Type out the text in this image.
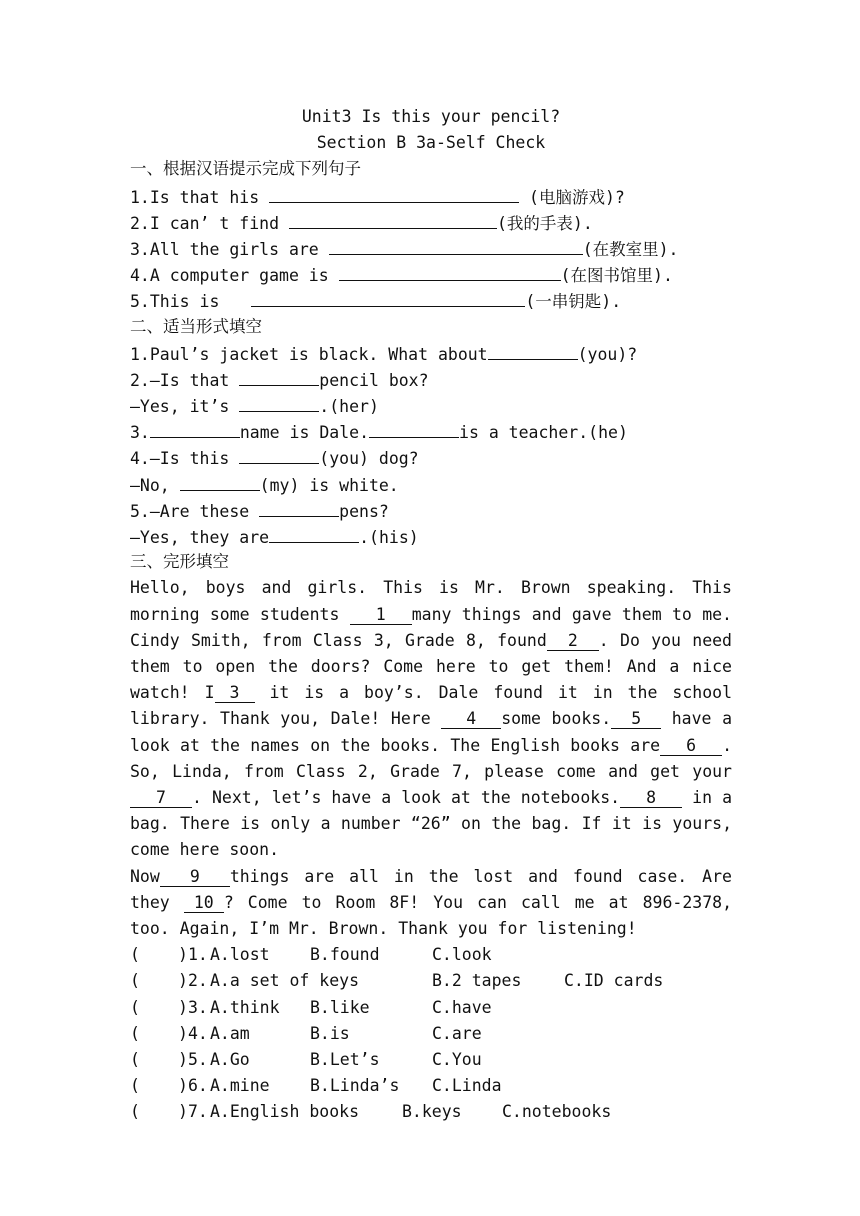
Unit3 Is this your pencil?
Section B 3a-Self Check
一、根据汉语提示完成下列句子
1.Is that his	(电脑游戏)?
2.I can’ t find	(我的手表).
3.All the girls are	(在教室里).
4.A computer game is	(在图书馆里).
5.This is	(一串钥匙).
二、适当形式填空
1.Paul’s jacket is black. What about	(you)?
2.—Is that	pencil box?
—Yes, it’s	.(her)
3.	name is Dale.	is a teacher.(he)
4.—Is this	(you) dog?
—No,	(my) is white.
5.—Are these	pens?
—Yes, they are	.(his)
三、完形填空
Hello, boys and girls. This is Mr. Brown speaking. This morning some students 1 many things and gave them to me. Cindy Smith, from Class 3, Grade 8, found 2 . Do you need them to open the doors? Come here to get them! And a nice watch! I 3 it is a boy’s. Dale found it in the school library. Thank you, Dale! Here 4 some books. 5 have a look at the names on the books. The English books are 6 . So, Linda, from Class 2, Grade 7, please come and get your7 . Next, let’s have a look at the notebooks. 8 in a bag. There is only a number “26” on the bag. If it is yours, come here soon.
Now 9 things are all in the lost and found case. Are they 10 ? Come to Room 8F! You can call me at 896-2378, too. Again, I’m Mr. Brown. Thank you for listening!
( ) 1. A.lost B.found	C.look
( ) 2. A.a set of keys	B.2 tapes	C.ID cards
( ) 3. A.think B.like	C.have
( ) 4. A.am	B.is	C.are
( ) 5. A.Go	B.Let’s	C.You
( ) 6. A.mine B.Linda’s C.Linda
( ) 7. A.English books	B.keys C.notebooks
